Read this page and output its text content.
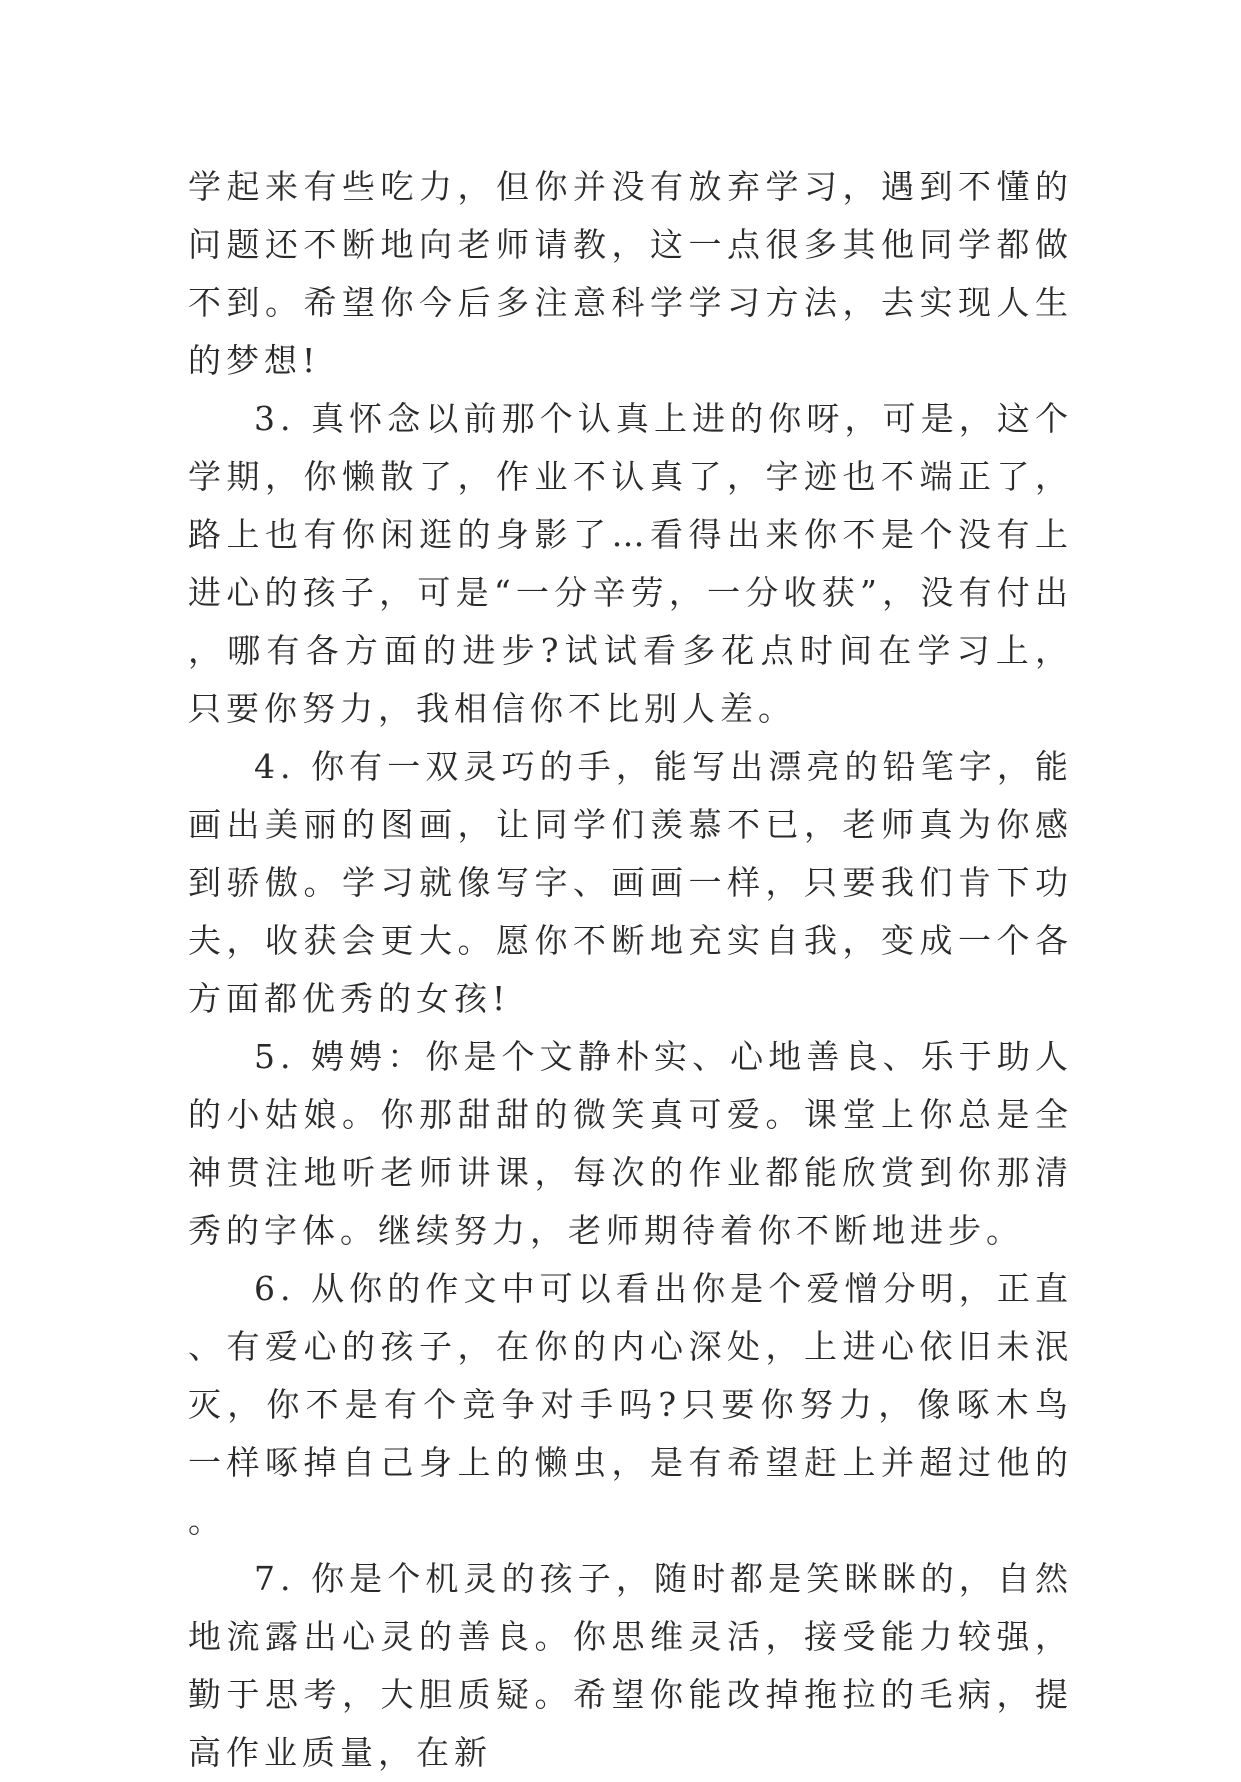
学起来有些吃力，但你并没有放弃学习，遇到不懂的问题还不断地向老师请教，这一点很多其他同学都做不到。希望你今后多注意科学学习方法，去实现人生的梦想!

3. 真怀念以前那个认真上进的你呀，可是，这个学期，你懒散了，作业不认真了，字迹也不端正了，路上也有你闲逛的身影了…看得出来你不是个没有上进心的孩子，可是“一分辛劳，一分收获”，没有付出，哪有各方面的进步?试试看多花点时间在学习上，只要你努力，我相信你不比别人差。

4. 你有一双灵巧的手，能写出漂亮的铅笔字，能画出美丽的图画，让同学们羡慕不已，老师真为你感到骄傲。学习就像写字、画画一样，只要我们肯下功夫，收获会更大。愿你不断地充实自我，变成一个各方面都优秀的女孩!

5. 娉娉：你是个文静朴实、心地善良、乐于助人的小姑娘。你那甜甜的微笑真可爱。课堂上你总是全神贯注地听老师讲课，每次的作业都能欣赏到你那清秀的字体。继续努力，老师期待着你不断地进步。

6. 从你的作文中可以看出你是个爱憎分明，正直、有爱心的孩子，在你的内心深处，上进心依旧未泯灭，你不是有个竞争对手吗?只要你努力，像啄木鸟一样啄掉自己身上的懒虫，是有希望赶上并超过他的。

7. 你是个机灵的孩子，随时都是笑眯眯的，自然地流露出心灵的善良。你思维灵活，接受能力较强，勤于思考，大胆质疑。希望你能改掉拖拉的毛病，提高作业质量，在新
